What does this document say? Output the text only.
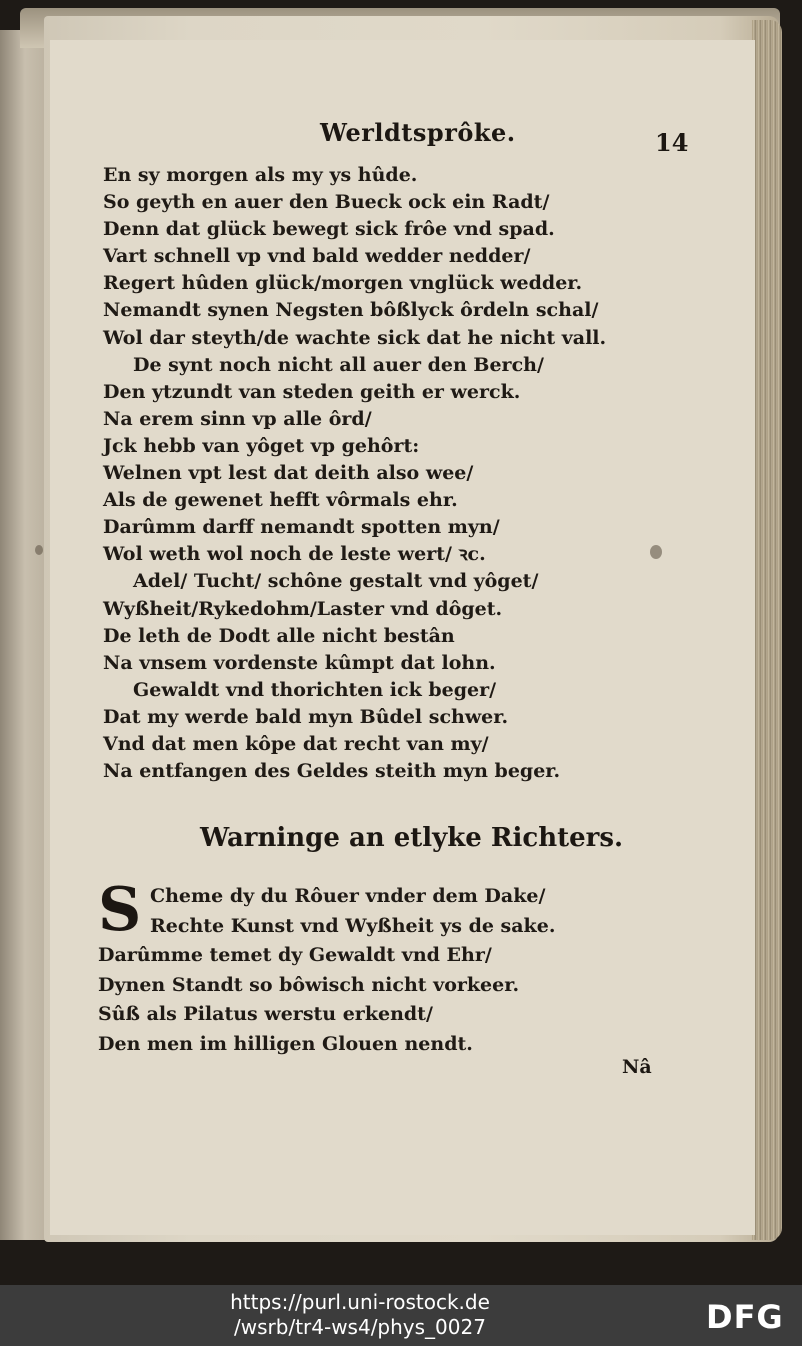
Werldtsprôke.	14
En sy morgen als my ys hûde.
So geyth en auer den Bueck ock ein Radt/
Denn dat glück bewegt sick frôe vnd spad.
Vart schnell vp vnd bald wedder nedder/
Regert hûden glück/morgen vnglück wedder.
Nemandt synen Negsten bôßlyck ôrdeln schal/
Wol dar steyth/de wachte sick dat he nicht vall.
De synt noch nicht all auer den Berch/
Den ytzundt van steden geith er werck.
Na erem sinn vp alle ôrd/
Jck hebb van yôget vp gehôrt:
Welnen vpt lest dat deith also wee/
Als de gewenet hefft vôrmals ehr.
Darûmm darff nemandt spotten myn/
Wol weth wol noch de leste wert/ ꝛc.
Adel/ Tucht/ schône gestalt vnd yôget/
Wyßheit/Rykedohm/Laster vnd dôget.
De leth de Dodt alle nicht bestân
Na vnsem vordenste kûmpt dat lohn.
Gewaldt vnd thorichten ick beger/
Dat my werde bald myn Bûdel schwer.
Vnd dat men kôpe dat recht van my/
Na entfangen des Geldes steith myn beger.
Warninge an etlyke Richters.
S Cheme dy du Rôuer vnder dem Dake/
Rechte Kunst vnd Wyßheit ys de sake.
Darûmme temet dy Gewaldt vnd Ehr/
Dynen Standt so bôwisch nicht vorkeer.
Sûß als Pilatus werstu erkendt/
Den men im hilligen Glouen nendt.
Nâ
https://purl.uni-rostock.de
/wsrb/tr4-ws4/phys_0027	DFG
